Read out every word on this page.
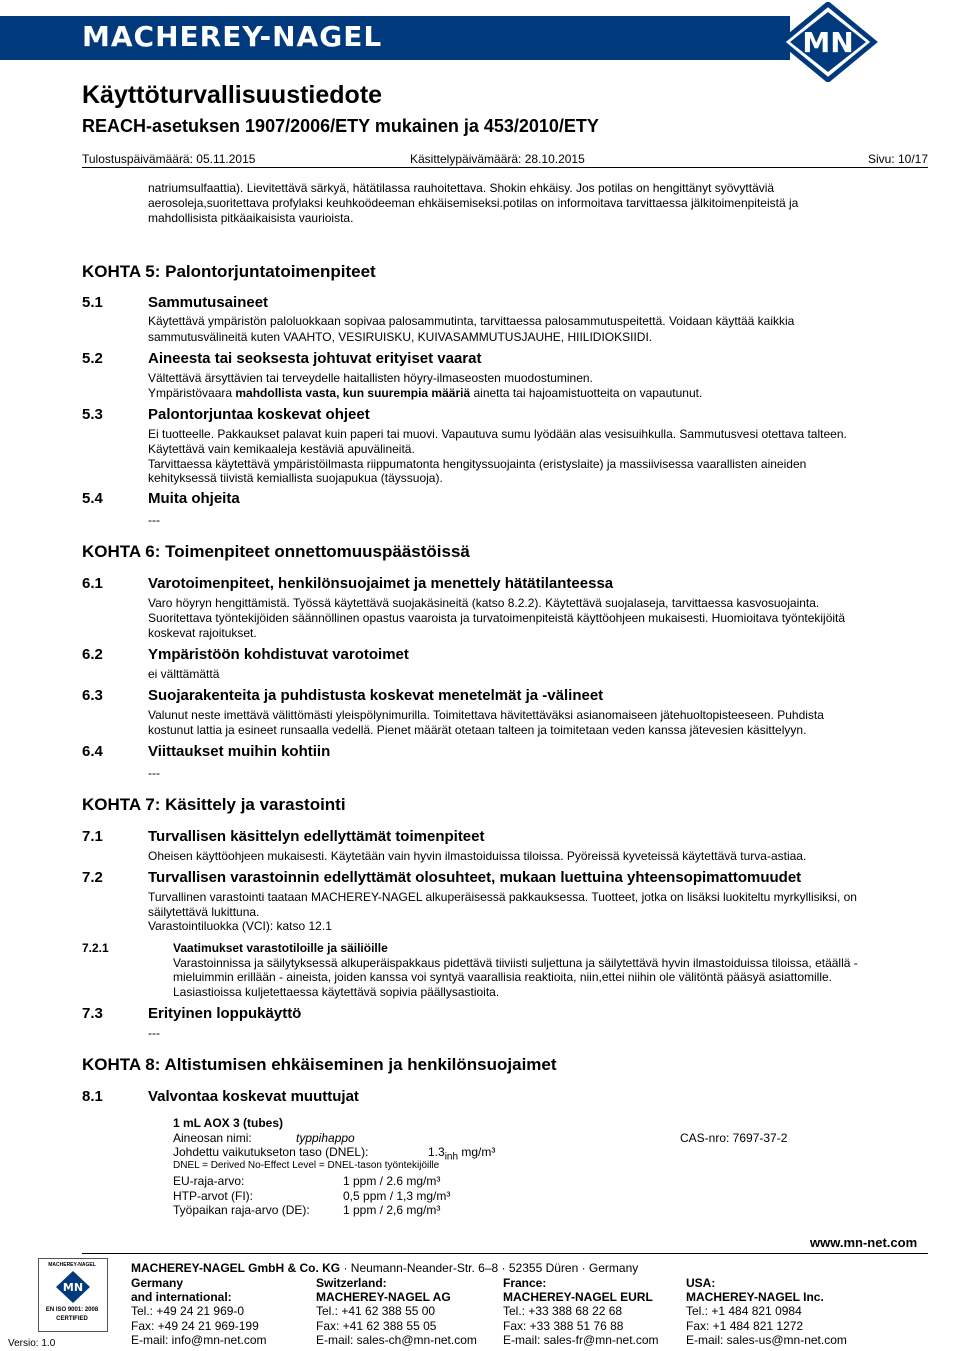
MACHEREY-NAGEL	MN
Käyttöturvallisuustiedote
REACH-asetuksen 1907/2006/ETY mukainen ja 453/2010/ETY
Tulostuspäivämäärä: 05.11.2015	Käsittelypäivämäärä: 28.10.2015	Sivu: 10/17
natriumsulfaattia). Lievitettävä särkyä, hätätilassa rauhoitettava. Shokin ehkäisy. Jos potilas on hengittänyt syövyttäviä
aerosoleja,suoritettava profylaksi keuhkoödeeman ehkäisemiseksi.potilas on informoitava tarvittaessa jälkitoimenpiteistä ja
mahdollisista pitkäaikaisista vaurioista.
KOHTA 5: Palontorjuntatoimenpiteet
5.1	Sammutusaineet
Käytettävä ympäristön paloluokkaan sopivaa palosammutinta, tarvittaessa palosammutuspeitettä. Voidaan käyttää kaikkia
sammutusvälineitä kuten VAAHTO, VESIRUISKU, KUIVASAMMUTUSJAUHE, HIILIDIOKSIIDI.
5.2	Aineesta tai seoksesta johtuvat erityiset vaarat
Vältettävä ärsyttävien tai terveydelle haitallisten höyry-ilmaseosten muodostuminen.
Ympäristövaara mahdollista vasta, kun suurempia määriä ainetta tai hajoamistuotteita on vapautunut.
5.3	Palontorjuntaa koskevat ohjeet
Ei tuotteelle. Pakkaukset palavat kuin paperi tai muovi. Vapautuva sumu lyödään alas vesisuihkulla. Sammutusvesi otettava talteen.
Käytettävä vain kemikaaleja kestäviä apuvälineitä.
Tarvittaessa käytettävä ympäristöilmasta riippumatonta hengityssuojainta (eristyslaite) ja massiivisessa vaarallisten aineiden
kehityksessä tiivistä kemiallista suojapukua (täyssuoja).
5.4	Muita ohjeita
---
KOHTA 6: Toimenpiteet onnettomuuspäästöissä
6.1	Varotoimenpiteet, henkilönsuojaimet ja menettely hätätilanteessa
Varo höyryn hengittämistä. Työssä käytettävä suojakäsineitä (katso 8.2.2). Käytettävä suojalaseja, tarvittaessa kasvosuojainta.
Suoritettava työntekijöiden säännöllinen opastus vaaroista ja turvatoimenpiteistä käyttöohjeen mukaisesti. Huomioitava työntekijöitä
koskevat rajoitukset.
6.2	Ympäristöön kohdistuvat varotoimet
ei välttämättä
6.3	Suojarakenteita ja puhdistusta koskevat menetelmät ja -välineet
Valunut neste imettävä välittömästi yleispölynimurilla. Toimitettava hävitettäväksi asianomaiseen jätehuoltopisteeseen. Puhdista
kostunut lattia ja esineet runsaalla vedellä. Pienet määrät otetaan talteen ja toimitetaan veden kanssa jätevesien käsittelyyn.
6.4	Viittaukset muihin kohtiin
---
KOHTA 7: Käsittely ja varastointi
7.1	Turvallisen käsittelyn edellyttämät toimenpiteet
Oheisen käyttöohjeen mukaisesti. Käytetään vain hyvin ilmastoiduissa tiloissa. Pyöreissä kyveteissä käytettävä turva-astiaa.
7.2	Turvallisen varastoinnin edellyttämät olosuhteet, mukaan luettuina yhteensopimattomuudet
Turvallinen varastointi taataan MACHEREY-NAGEL alkuperäisessä pakkauksessa. Tuotteet, jotka on lisäksi luokiteltu myrkyllisiksi, on
säilytettävä lukittuna.
Varastointiluokka (VCI): katso 12.1
7.2.1	Vaatimukset varastotiloille ja säiliöille
Varastoinnissa ja säilytyksessä alkuperäispakkaus pidettävä tiiviisti suljettuna ja säilytettävä hyvin ilmastoiduissa tiloissa, etäällä -
mieluimmin erillään - aineista, joiden kanssa voi syntyä vaarallisia reaktioita, niin,ettei niihin ole välitöntä pääsyä asiattomille.
Lasiastioissa kuljetettaessa käytettävä sopivia päällysastioita.
7.3	Erityinen loppukäyttö
---
KOHTA 8: Altistumisen ehkäiseminen ja henkilönsuojaimet
8.1	Valvontaa koskevat muuttujat
1 mL AOX 3 (tubes)
Aineosan nimi:	typpihappo	CAS-nro: 7697-37-2
Johdettu vaikutukseton taso (DNEL):	$1.3_{inh}$ mg/m³
DNEL = Derived No-Effect Level = DNEL-tason työntekijöille
EU-raja-arvo:	1 ppm / 2.6 mg/m³
HTP-arvot (FI):	0,5 ppm / 1,3 mg/m³
Työpaikan raja-arvo (DE):	1 ppm / 2,6 mg/m³
www.mn-net.com
MACHEREY-NAGEL
MN
EN ISO 9001: 2008
CERTIFIED
Versio: 1.0
MACHEREY-NAGEL GmbH & Co. KG · Neumann-Neander-Str. 6–8 · 52355 Düren · Germany
Germany
and international:
Tel.: +49 24 21 969-0
Fax: +49 24 21 969-199
E-mail: info@mn-net.com
Switzerland:
MACHEREY-NAGEL AG
Tel.: +41 62 388 55 00
Fax: +41 62 388 55 05
E-mail: sales-ch@mn-net.com
France:
MACHEREY-NAGEL EURL
Tel.: +33 388 68 22 68
Fax: +33 388 51 76 88
E-mail: sales-fr@mn-net.com
USA:
MACHEREY-NAGEL Inc.
Tel.: +1 484 821 0984
Fax: +1 484 821 1272
E-mail: sales-us@mn-net.com
